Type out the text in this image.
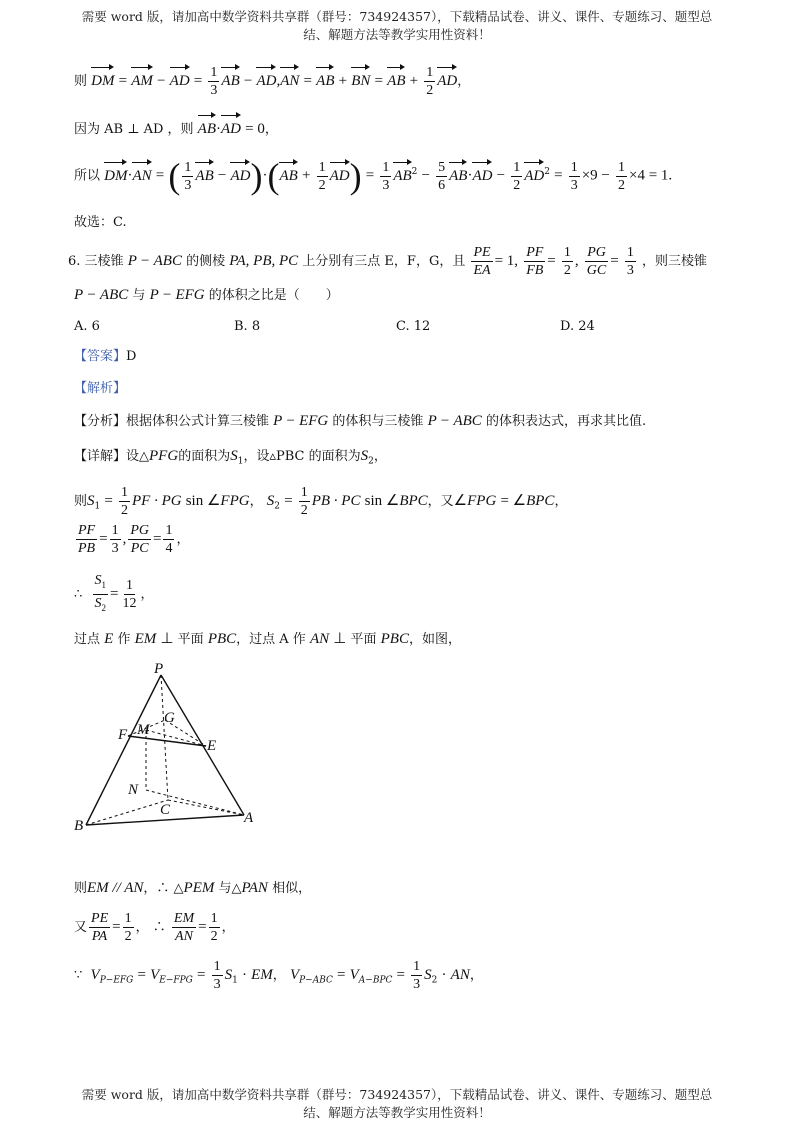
需要 word 版，请加高中数学资料共享群（群号：734924357），下载精品试卷、讲义、课件、专题练习、题型总
结、解题方法等教学实用性资料！
则 DM = AM − AD = $\frac{1}{3}$ AB − AD,AN = AB + BN = AB + $\frac{1}{2}$ AD，
因为 AB ⊥ AD ，则 AB·AD = 0，
所以 DM·AN = ( $\frac{1}{3}$ AB − $AD)\cdot(AB + \frac{1}{2} AD) = \frac{1}{3} AB^2 - \frac{5}{6} AB\cdot AD - \frac{1}{2} AD^2 = \frac{1}{3} \times 9 - \frac{1}{2} \times 4 = 1$.
故选：C.
6. 三棱锥 P − ABC 的侧棱 PA, PB, PC 上分别有三点 E，F，G，且 $\frac{PE}{EA} = 1$, $\frac{PF}{FB} = \frac{1}{2}$ , $\frac{PG}{GC} = \frac{1}{3}$ ，则三棱锥
P − ABC 与 P − EFG 的体积之比是（　　）
A. 6	B. 8	C. 12	D. 24
【答案】D
【解析】
【分析】根据体积公式计算三棱锥 P − EFG 的体积与三棱锥 P − ABC 的体积表达式，再求其比值.
【详解】设△PFG的面积为$S_1$，设▵PBC 的面积为$S_2$，
则$S_1 = \frac{1}{2}$ PF · PG sin ∠FPG， $S_2 = \frac{1}{2}$ PB · PC sin ∠BPC，又∠FPG = ∠BPC，
$\frac{PF}{PB} = \frac{1}{3}$ , $\frac{PG}{PC} = \frac{1}{4}$ ，
∴ $\frac{S_1}{S_2} = \frac{1}{12}$ ，
过点 E 作 EM ⊥ 平面 PBC，过点 A 作 AN ⊥ 平面 PBC，如图，
P
M
G
F
E
N
C
B	A
则EM // AN，∴ △PEM 与△PAN 相似，
又 $\frac{PE}{PA} = \frac{1}{2}$ ， ∴ $\frac{EM}{AN} = \frac{1}{2}$ ，
∵ $V_{P-EFG} = V_{E-FPG} = \frac{1}{3} S_1$ · EM， $V_{P-ABC} = V_{A-BPC} = \frac{1}{3} S_2$ · AN，
需要 word 版，请加高中数学资料共享群（群号：734924357），下载精品试卷、讲义、课件、专题练习、题型总
结、解题方法等教学实用性资料！
